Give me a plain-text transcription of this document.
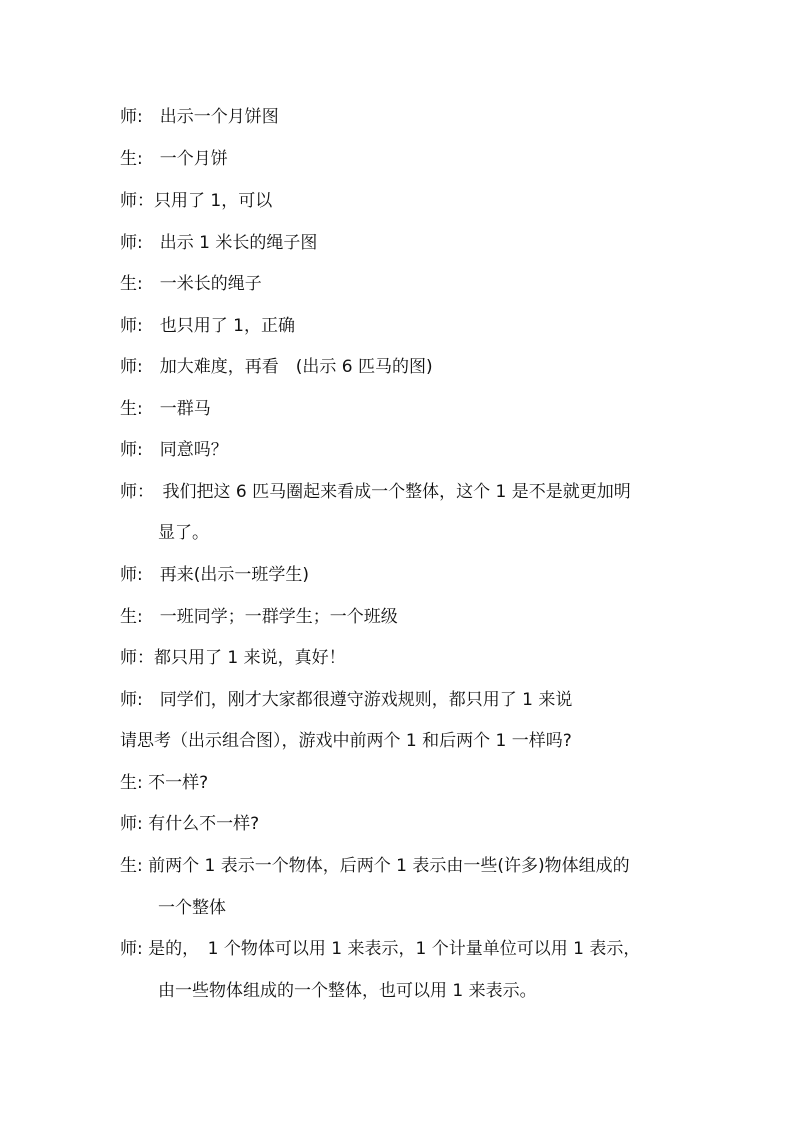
师:　出示一个月饼图
生:　一个月饼
师：只用了 1，可以
师:　出示 1 米长的绳子图
生:　一米长的绳子
师:　也只用了 1，正确
师:　加大难度，再看　(出示 6 匹马的图)
生:　一群马
师:　同意吗？
师：　我们把这 6 匹马圈起来看成一个整体，这个 1 是不是就更加明
显了。
师:　再来(出示一班学生)
生:　一班同学；一群学生；一个班级
师：都只用了 1 来说，真好！
师:　同学们，刚才大家都很遵守游戏规则，都只用了 1 来说
请思考（出示组合图），游戏中前两个 1 和后两个 1 一样吗?
生: 不一样?
师: 有什么不一样?
生: 前两个 1 表示一个物体，后两个 1 表示由一些(许多)物体组成的
一个整体
师: 是的，　1 个物体可以用 1 来表示，1 个计量单位可以用 1 表示，
由一些物体组成的一个整体，也可以用 1 来表示。
